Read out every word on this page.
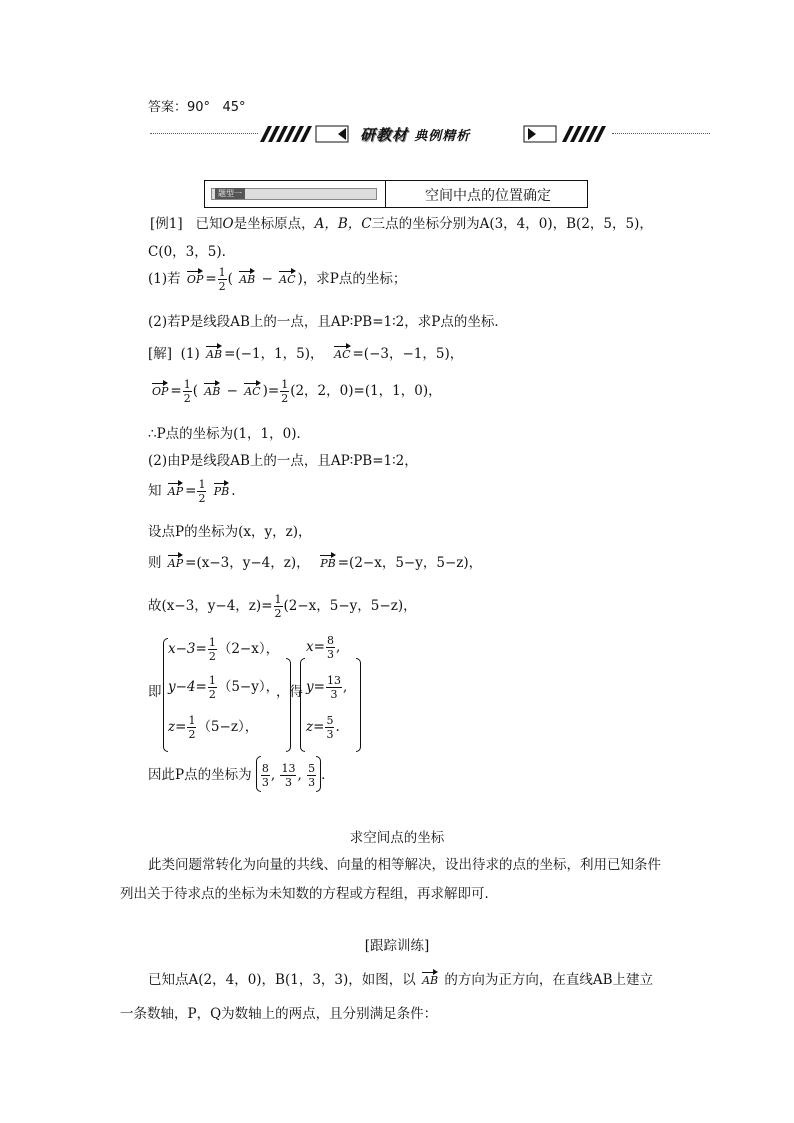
答案：90° 45°
研教材 典例精析
题型一	空间中点的位置确定
[例1] 已知O是坐标原点，A，B，C三点的坐标分别为A(3，4，0)，B(2，5，5)，
C(0，3，5).
(1)若 OP = $\frac{1}{2}$ ( AB − AC )，求P点的坐标；
(2)若P是线段AB上的一点，且AP∶PB=1∶2，求P点的坐标．
[解] (1) AB =(−1，1，5)， AC =(−3，−1，5)，
OP = $\frac{1}{2}$ ( AB − AC )= $\frac{1}{2} (2$，2，0)=(1，1，0)，
∴P点的坐标为(1，1，0)．
(2)由P是线段AB上的一点，且AP∶PB=1∶2，
知 AP = $\frac{1}{2}$ PB .
设点P的坐标为(x，y，z)，
则 AP =(x−3，y−4，z)， PB =(2−x，5−y，5−z)，
故(x−3，y−4，$z)= \frac{1}{2} (2-x$，5−y，5−z)，
即
$x-3= \frac{1}{2} (2-x)$，
$y-4= \frac{1}{2} (5-y)$，
$z= \frac{1}{2} (5-z)$，
，得
$x= \frac{8}{3}$ ,
$y= \frac{13}{3}$ ,
$z= \frac{5}{3}$ .
因此P点的坐标为 $\frac{8}{3}$ , $\frac{13}{3}$ , $\frac{5}{3}$ ．
求空间点的坐标
此类问题常转化为向量的共线、向量的相等解决，设出待求的点的坐标，利用已知条件
列出关于待求点的坐标为未知数的方程或方程组，再求解即可．
[跟踪训练]
已知点A(2，4，0)，B(1，3，3)，如图，以 AB 的方向为正方向，在直线AB上建立
一条数轴，P，Q为数轴上的两点，且分别满足条件：
